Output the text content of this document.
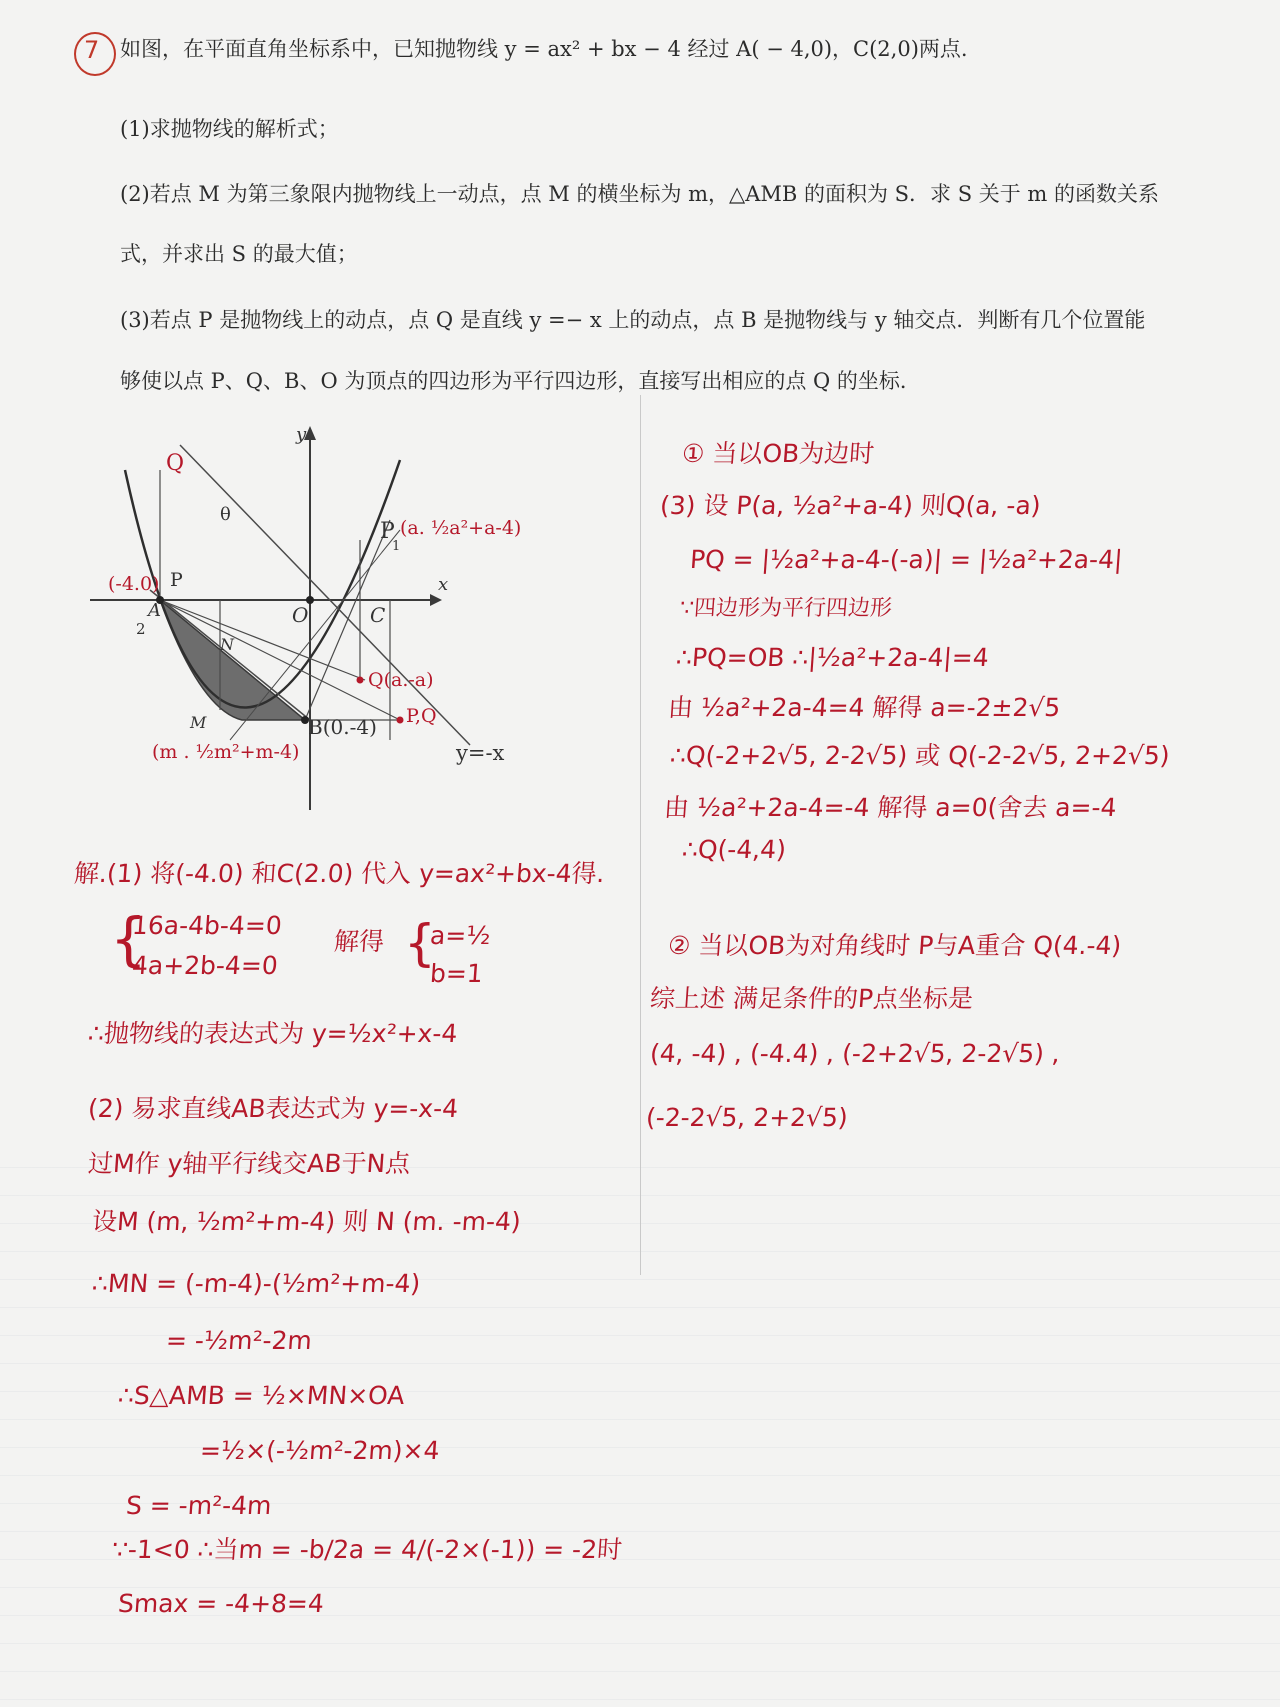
7 如图，在平面直角坐标系中，已知抛物线 y = ax² + bx − 4 经过 A( − 4,0)，C(2,0)两点.
(1)求抛物线的解析式；
(2)若点 M 为第三象限内抛物线上一动点，点 M 的横坐标为 m，△AMB 的面积为 S．求 S 关于 m 的函数关系
式，并求出 S 的最大值；
(3)若点 P 是抛物线上的动点，点 Q 是直线 y =− x 上的动点，点 B 是抛物线与 y 轴交点．判断有几个位置能
够使以点 P、Q、B、O 为顶点的四边形为平行四边形，直接写出相应的点 Q 的坐标．
y
x
O	C
A
N
M
(-4.0) P
2
B(0.-4)
(m . ½m²+m-4)
P
1
(a. ½a²+a-4)
Q(a.-a)
P,Q
Q
θ
y=-x
解.(1) 将(-4.0) 和C(2.0) 代入 y=ax²+bx-4得.
{
16a-4b-4=0
4a+2b-4=0
解得 {
a=½
b=1
∴抛物线的表达式为 y=½x²+x-4
(2) 易求直线AB表达式为 y=-x-4
过M作 y轴平行线交AB于N点
设M (m, ½m²+m-4) 则 N (m. -m-4)
∴MN = (-m-4)-(½m²+m-4)
= -½m²-2m
∴S△AMB = ½×MN×OA
=½×(-½m²-2m)×4
S = -m²-4m
∵-1<0 ∴当m = -b/2a = 4/(-2×(-1)) = -2时
Smax = -4+8=4
① 当以OB为边时
(3) 设 P(a, ½a²+a-4) 则Q(a, -a)
PQ = |½a²+a-4-(-a)| = |½a²+2a-4|
∵四边形为平行四边形
∴PQ=OB ∴|½a²+2a-4|=4
由 ½a²+2a-4=4 解得 a=-2±2√5
∴Q(-2+2√5, 2-2√5) 或 Q(-2-2√5, 2+2√5)
由 ½a²+2a-4=-4 解得 a=0(舍去 a=-4
∴Q(-4,4)
② 当以OB为对角线时 P与A重合 Q(4.-4)
综上述 满足条件的P点坐标是
(4, -4) , (-4.4) , (-2+2√5, 2-2√5) ,
(-2-2√5, 2+2√5)
